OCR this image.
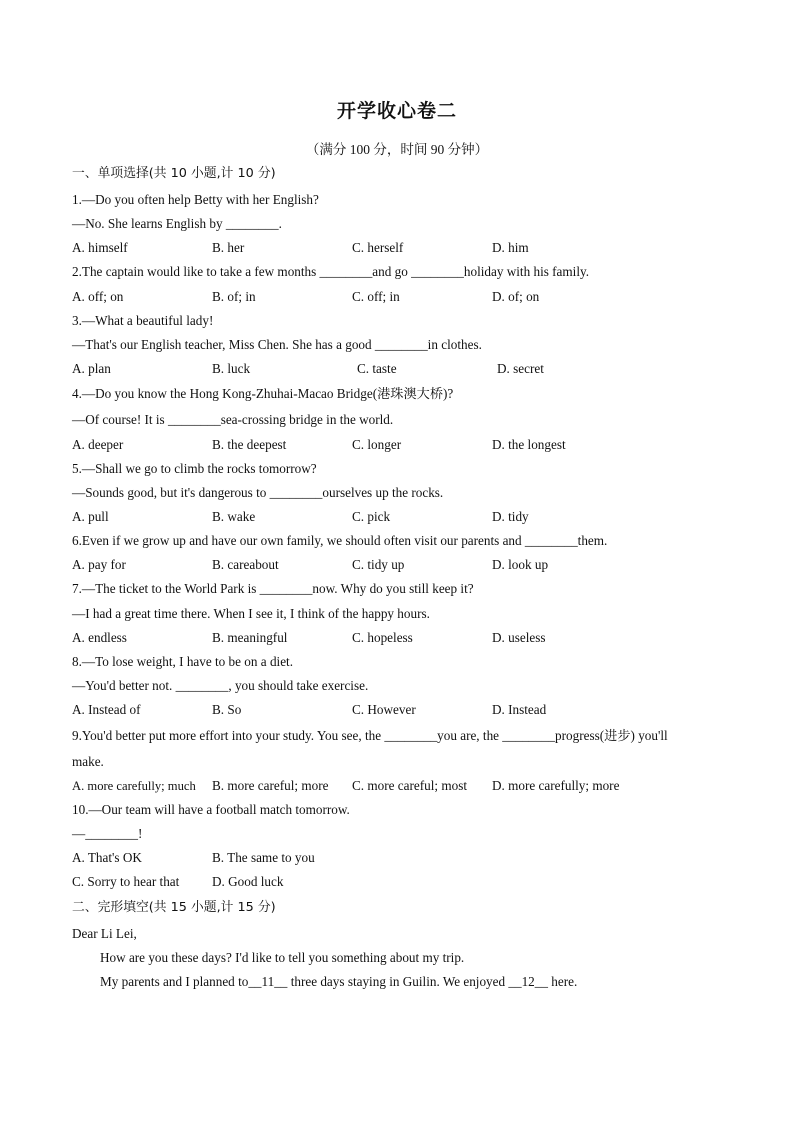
开学收心卷二
（满分 100 分，时间 90 分钟）
一、单项选择(共 10 小题,计 10 分)
1.—Do you often help Betty with her English?
—No. She learns English by ________.
A. himself	B. her	C. herself	D. him
2.The captain would like to take a few months ________and go ________holiday with his family.
A. off; on	B. of; in	C. off; in	D. of; on
3.—What a beautiful lady!
—That's our English teacher, Miss Chen. She has a good ________in clothes.
A. plan	B. luck	C. taste	D. secret
4.—Do you know the Hong Kong-Zhuhai-Macao Bridge(港珠澳大桥)?
—Of course! It is ________sea-crossing bridge in the world.
A. deeper	B. the deepest	C. longer	D. the longest
5.—Shall we go to climb the rocks tomorrow?
—Sounds good, but it's dangerous to ________ourselves up the rocks.
A. pull	B. wake	C. pick	D. tidy
6.Even if we grow up and have our own family, we should often visit our parents and ________them.
A. pay for	B. careabout	C. tidy up	D. look up
7.—The ticket to the World Park is ________now. Why do you still keep it?
—I had a great time there. When I see it, I think of the happy hours.
A. endless	B. meaningful	C. hopeless	D. useless
8.—To lose weight, I have to be on a diet.
—You'd better not. ________, you should take exercise.
A. Instead of	B. So	C. However	D. Instead
9.You'd better put more effort into your study. You see, the ________you are, the ________progress(进步) you'll
make.
A. more carefully; much B. more careful; more C. more careful; most D. more carefully; more
10.—Our team will have a football match tomorrow.
—________!
A. That's OK	B. The same to you
C. Sorry to hear that D. Good luck
二、完形填空(共 15 小题,计 15 分)
Dear Li Lei,
How are you these days? I'd like to tell you something about my trip.
My parents and I planned to__11__ three days staying in Guilin. We enjoyed __12__ here.
